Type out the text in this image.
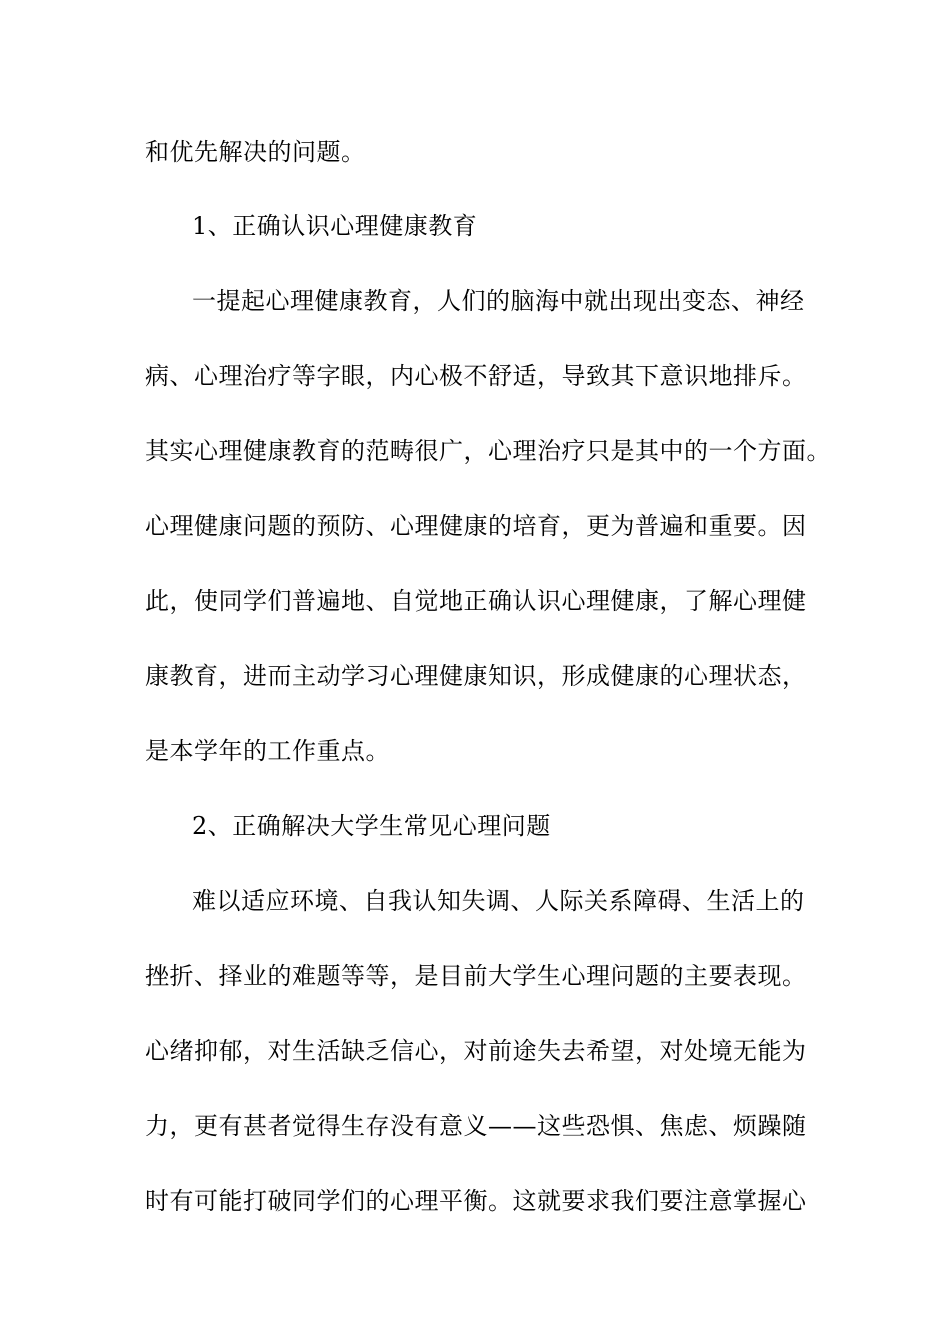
和优先解决的问题。
1、正确认识心理健康教育
一提起心理健康教育，人们的脑海中就出现出变态、神经
病、心理治疗等字眼，内心极不舒适，导致其下意识地排斥。
其实心理健康教育的范畴很广，心理治疗只是其中的一个方面。
心理健康问题的预防、心理健康的培育，更为普遍和重要。因
此，使同学们普遍地、自觉地正确认识心理健康，了解心理健
康教育，进而主动学习心理健康知识，形成健康的心理状态，
是本学年的工作重点。
2、正确解决大学生常见心理问题
难以适应环境、自我认知失调、人际关系障碍、生活上的
挫折、择业的难题等等，是目前大学生心理问题的主要表现。
心绪抑郁，对生活缺乏信心，对前途失去希望，对处境无能为
力，更有甚者觉得生存没有意义——这些恐惧、焦虑、烦躁随
时有可能打破同学们的心理平衡。这就要求我们要注意掌握心
